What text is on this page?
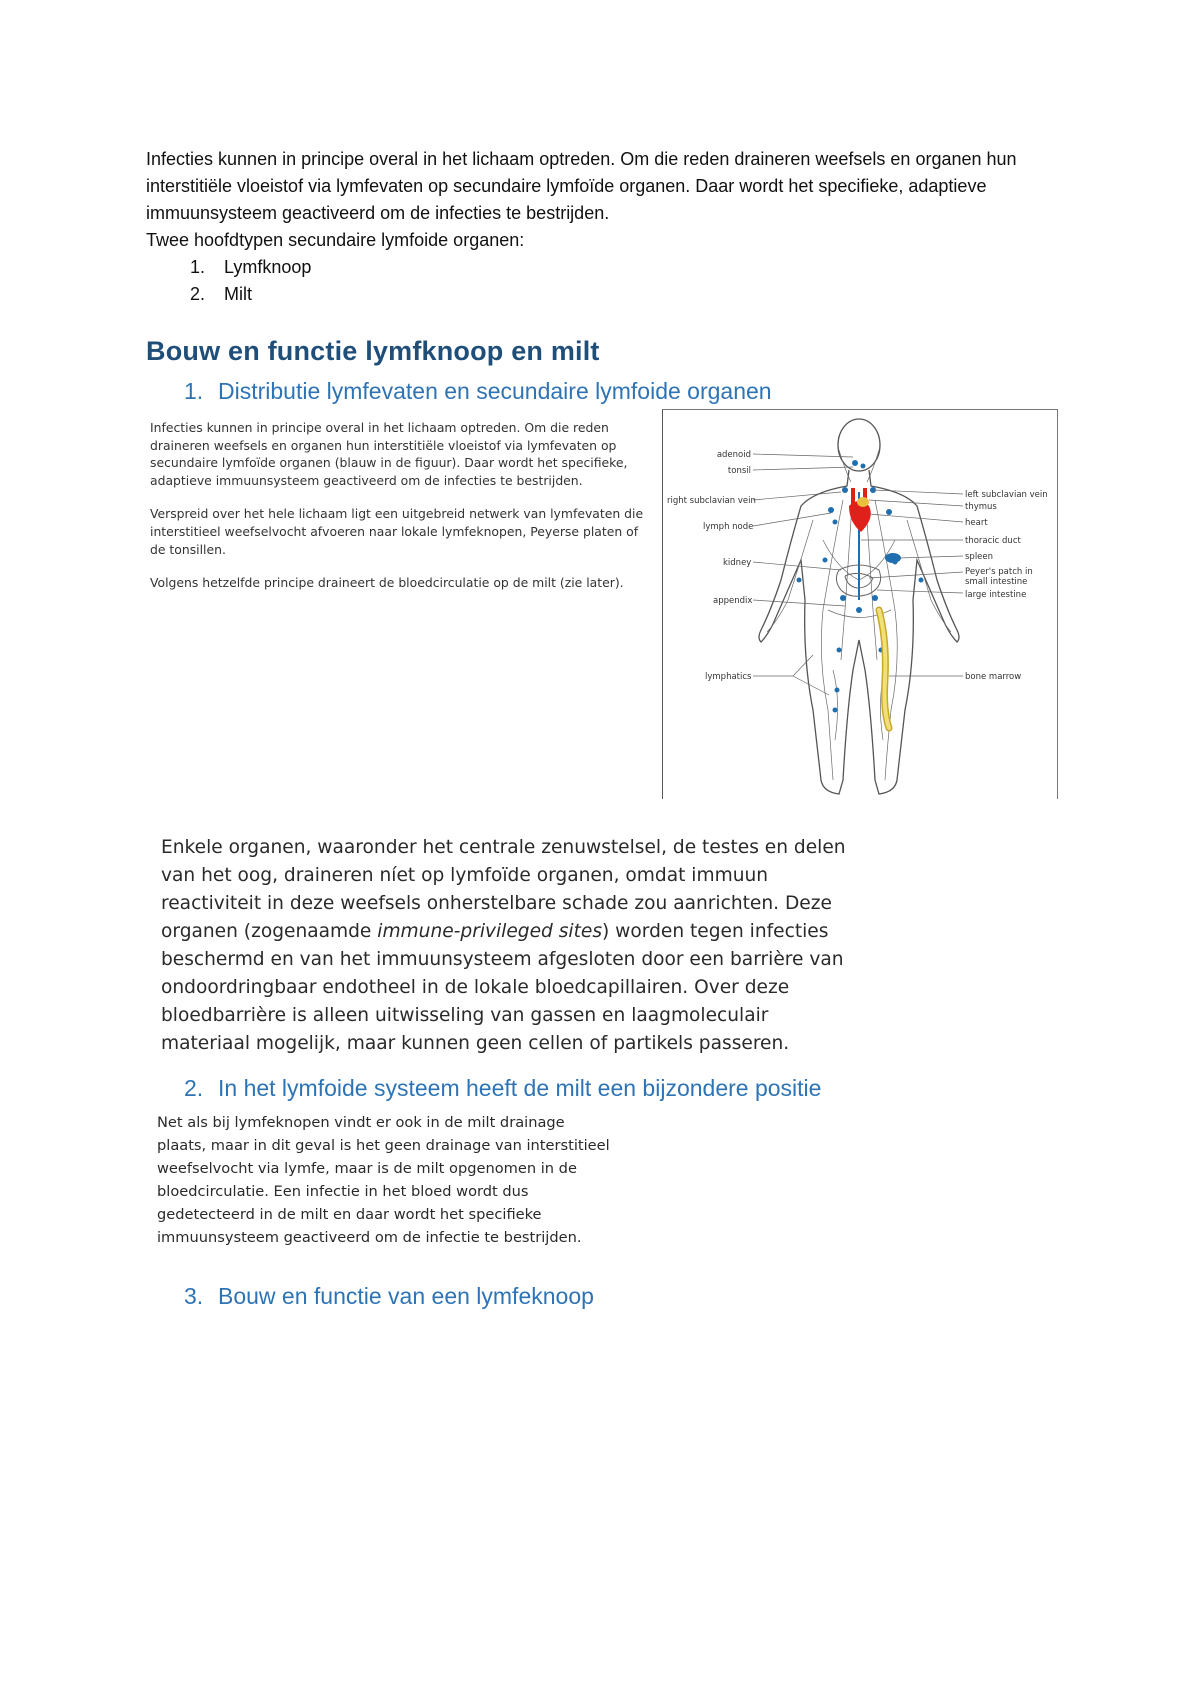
Infecties kunnen in principe overal in het lichaam optreden. Om die reden draineren weefsels en organen hun interstitiële vloeistof via lymfevaten op secundaire lymfoïde organen. Daar wordt het specifieke, adaptieve immuunsysteem geactiveerd om de infecties te bestrijden.

Twee hoofdtypen secundaire lymfoide organen:

1. Lymfknoop
2. Milt
Bouw en functie lymfknoop en milt
1. Distributie lymfevaten en secundaire lymfoide organen

Infecties kunnen in principe overal in het lichaam optreden. Om die reden draineren weefsels en organen hun interstitiële vloeistof via lymfevaten op secundaire lymfoïde organen (blauw in de figuur). Daar wordt het specifieke, adaptieve immuunsysteem geactiveerd om de infecties te bestrijden.

Verspreid over het hele lichaam ligt een uitgebreid netwerk van lymfevaten die interstitieel weefselvocht afvoeren naar lokale lymfeknopen, Peyerse platen of de tonsillen.

Volgens hetzelfde principe draineert de bloedcirculatie op de milt (zie later).

adenoid
tonsil
right subclavian vein
lymph node
kidney
appendix
lymphatics
left subclavian vein
thymus
heart
thoracic duct
spleen
Peyer's patch in small intestine
large intestine
bone marrow

Enkele organen, waaronder het centrale zenuwstelsel, de testes en delen van het oog, draineren níet op lymfoïde organen, omdat immuun reactiviteit in deze weefsels onherstelbare schade zou aanrichten. Deze organen (zogenaamde immune-privileged sites) worden tegen infecties beschermd en van het immuunsysteem afgesloten door een barrière van ondoordringbaar endotheel in de lokale bloedcapillairen. Over deze bloedbarrière is alleen uitwisseling van gassen en laagmoleculair materiaal mogelijk, maar kunnen geen cellen of partikels passeren.

2. In het lymfoide systeem heeft de milt een bijzondere positie

Net als bij lymfeknopen vindt er ook in de milt drainage plaats, maar in dit geval is het geen drainage van interstitieel weefselvocht via lymfe, maar is de milt opgenomen in de bloedcirculatie. Een infectie in het bloed wordt dus gedetecteerd in de milt en daar wordt het specifieke immuunsysteem geactiveerd om de infectie te bestrijden.

3. Bouw en functie van een lymfeknoop
